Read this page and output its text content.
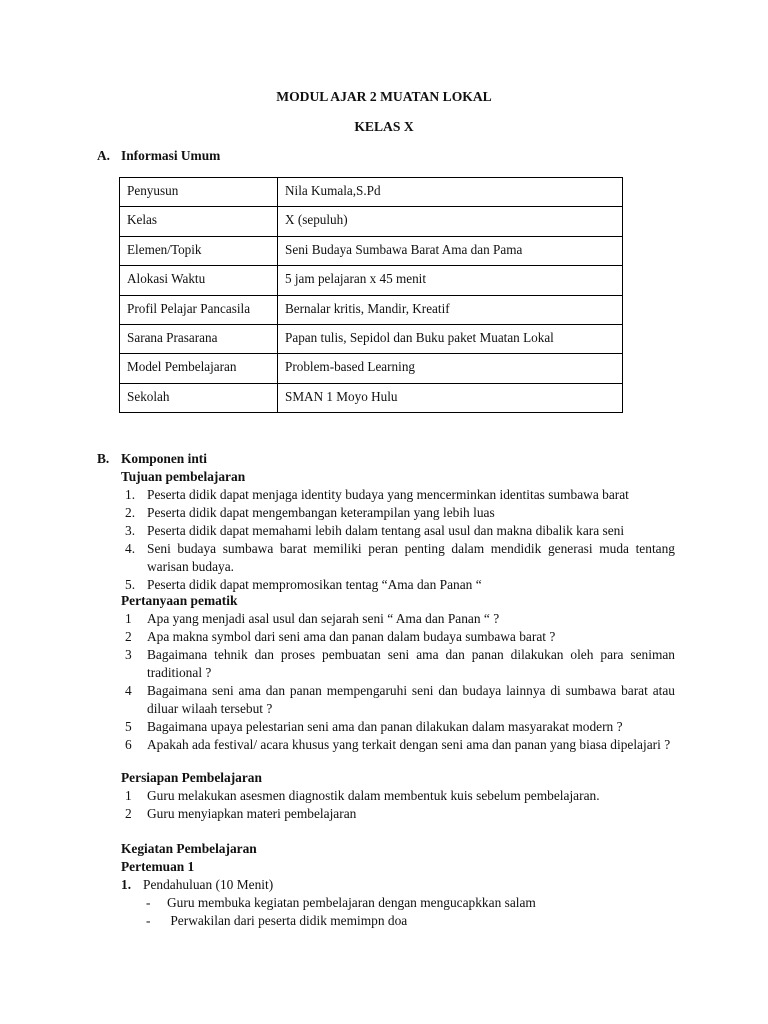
MODUL AJAR 2 MUATAN LOKAL
KELAS X
A. Informasi Umum
Penyusun	Nila Kumala,S.Pd
Kelas	X (sepuluh)
Elemen/Topik	Seni Budaya Sumbawa Barat Ama dan Pama
Alokasi Waktu	5 jam pelajaran x 45 menit
Profil Pelajar Pancasila	Bernalar kritis, Mandir, Kreatif
Sarana Prasarana	Papan tulis, Sepidol dan Buku paket Muatan Lokal
Model Pembelajaran	Problem-based Learning
Sekolah	SMAN 1 Moyo Hulu
B. Komponen inti
Tujuan pembelajaran
1. Peserta didik dapat menjaga identity budaya yang mencerminkan identitas sumbawa barat
2. Peserta didik dapat mengembangan keterampilan yang lebih luas
3. Peserta didik dapat memahami lebih dalam tentang asal usul dan makna dibalik kara seni
4. Seni budaya sumbawa barat memiliki peran penting dalam mendidik generasi muda tentang warisan budaya.
5. Peserta didik dapat mempromosikan tentag “Ama dan Panan “
Pertanyaan pematik
1 Apa yang menjadi asal usul dan sejarah seni “ Ama dan Panan “ ?
2 Apa makna symbol dari seni ama dan panan dalam budaya sumbawa barat ?
3 Bagaimana tehnik dan proses pembuatan seni ama dan panan dilakukan oleh para seniman traditional ?
4 Bagaimana seni ama dan panan mempengaruhi seni dan budaya lainnya di sumbawa barat atau diluar wilaah tersebut ?
5 Bagaimana upaya pelestarian seni ama dan panan dilakukan dalam masyarakat modern ?
6 Apakah ada festival/ acara khusus yang terkait dengan seni ama dan panan yang biasa dipelajari ?
Persiapan Pembelajaran
1 Guru melakukan asesmen diagnostik dalam membentuk kuis sebelum pembelajaran.
2 Guru menyiapkan materi pembelajaran
Kegiatan Pembelajaran
Pertemuan 1
1. Pendahuluan (10 Menit)
- Guru membuka kegiatan pembelajaran dengan mengucapkkan salam
- Perwakilan dari peserta didik memimpn doa
